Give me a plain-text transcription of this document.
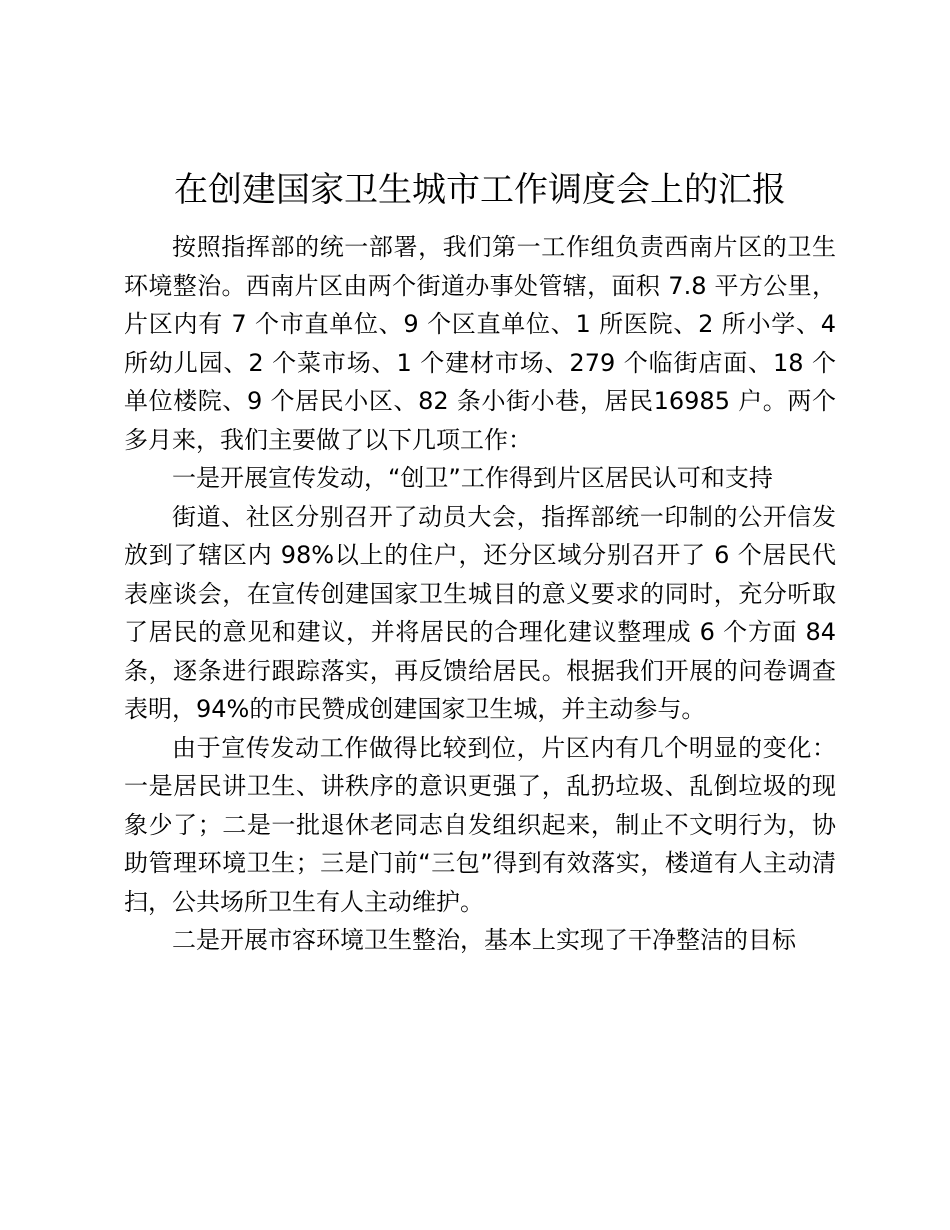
在创建国家卫生城市工作调度会上的汇报

按照指挥部的统一部署，我们第一工作组负责西南片区的卫生环境整治。西南片区由两个街道办事处管辖，面积 7.8 平方公里，片区内有 7 个市直单位、9 个区直单位、1 所医院、2 所小学、4 所幼儿园、2 个菜市场、1 个建材市场、279 个临街店面、18 个单位楼院、9 个居民小区、82 条小街小巷，居民16985 户。两个多月来，我们主要做了以下几项工作：

一是开展宣传发动，“创卫”工作得到片区居民认可和支持

街道、社区分别召开了动员大会，指挥部统一印制的公开信发放到了辖区内 98%以上的住户，还分区域分别召开了 6 个居民代表座谈会，在宣传创建国家卫生城目的意义要求的同时，充分听取了居民的意见和建议，并将居民的合理化建议整理成 6 个方面 84 条，逐条进行跟踪落实，再反馈给居民。根据我们开展的问卷调查表明，94%的市民赞成创建国家卫生城，并主动参与。

由于宣传发动工作做得比较到位，片区内有几个明显的变化：一是居民讲卫生、讲秩序的意识更强了，乱扔垃圾、乱倒垃圾的现象少了；二是一批退休老同志自发组织起来，制止不文明行为，协助管理环境卫生；三是门前“三包”得到有效落实，楼道有人主动清扫，公共场所卫生有人主动维护。

二是开展市容环境卫生整治，基本上实现了干净整洁的目标
